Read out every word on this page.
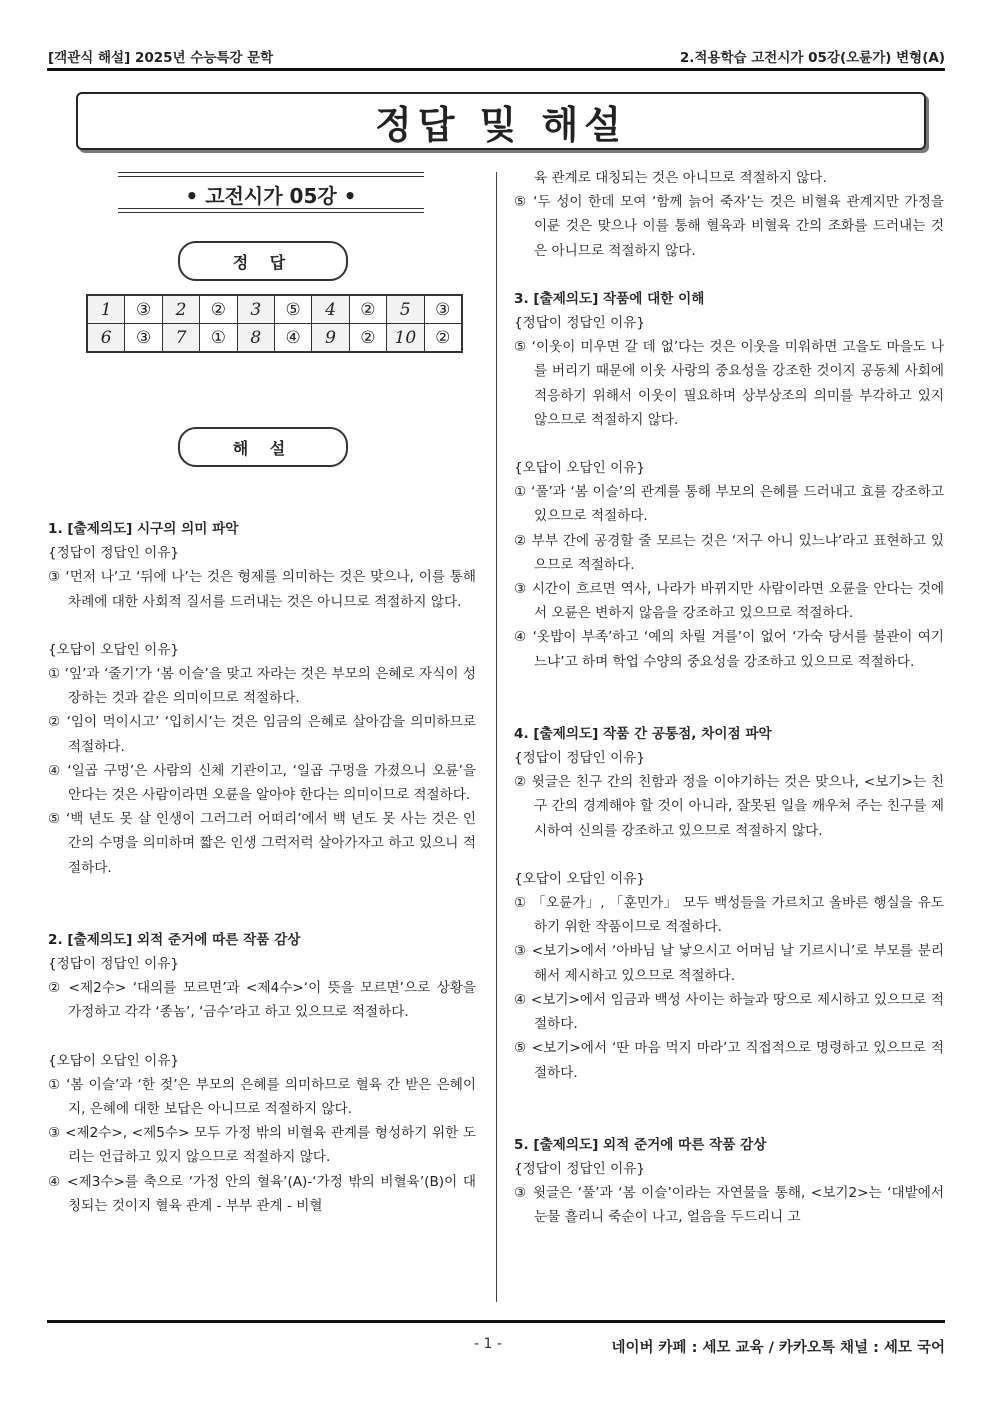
[객관식 해설] 2025년 수능특강 문학	2.적용학습 고전시가 05강(오륜가) 변형(A)
정답 및 해설
• 고전시가 05강 •
정 답
1	③	2	②	3	⑤	4	②	5	③
6	③	7	①	8	④	9	②	10	②
해 설
1. [출제의도] 시구의 의미 파악
{정답이 정답인 이유}
③ ‘먼저 나’고 ‘뒤에 나’는 것은 형제를 의미하는 것은 맞으나, 이를 통해 차례에 대한 사회적 질서를 드러내는 것은 아니므로 적절하지 않다.
{오답이 오답인 이유}
① ‘잎’과 ‘줄기’가 ‘봄 이슬’을 맞고 자라는 것은 부모의 은혜로 자식이 성장하는 것과 같은 의미이므로 적절하다.
② ‘임이 먹이시고’ ‘입히시’는 것은 임금의 은혜로 살아감을 의미하므로 적절하다.
④ ‘일곱 구멍’은 사람의 신체 기관이고, ‘일곱 구멍을 가졌으니 오륜’을 안다는 것은 사람이라면 오륜을 알아야 한다는 의미이므로 적절하다.
⑤ ‘백 년도 못 살 인생이 그러그러 어떠리’에서 백 년도 못 사는 것은 인간의 수명을 의미하며 짧은 인생 그럭저럭 살아가자고 하고 있으니 적절하다.
2. [출제의도] 외적 준거에 따른 작품 감상
{정답이 정답인 이유}
② <제2수> ‘대의를 모르면’과 <제4수>‘이 뜻을 모르면’으로 상황을 가정하고 각각 ‘종놈’, ‘금수’라고 하고 있으므로 적절하다.
{오답이 오답인 이유}
① ‘봄 이슬’과 ‘한 젖’은 부모의 은혜를 의미하므로 혈육 간 받은 은혜이지, 은혜에 대한 보답은 아니므로 적절하지 않다.
③ <제2수>, <제5수> 모두 가정 밖의 비혈육 관계를 형성하기 위한 도리는 언급하고 있지 않으므로 적절하지 않다.
④ <제3수>를 축으로 ‘가정 안의 혈육’(A)-‘가정 밖의 비혈육’(B)이 대칭되는 것이지 혈육 관계 - 부부 관계 - 비혈
육 관계로 대칭되는 것은 아니므로 적절하지 않다.
⑤ ‘두 성이 한데 모여 ‘함께 늙어 죽자’는 것은 비혈육 관계지만 가정을 이룬 것은 맞으나 이를 통해 혈육과 비혈육 간의 조화를 드러내는 것은 아니므로 적절하지 않다.
3. [출제의도] 작품에 대한 이해
{정답이 정답인 이유}
⑤ ‘이웃이 미우면 갈 데 없’다는 것은 이웃을 미워하면 고을도 마을도 나를 버리기 때문에 이웃 사랑의 중요성을 강조한 것이지 공동체 사회에 적응하기 위해서 이웃이 필요하며 상부상조의 의미를 부각하고 있지 않으므로 적절하지 않다.
{오답이 오답인 이유}
① ‘풀’과 ‘봄 이슬’의 관계를 통해 부모의 은혜를 드러내고 효를 강조하고 있으므로 적절하다.
② 부부 간에 공경할 줄 모르는 것은 ‘저구 아니 있느냐’라고 표현하고 있으므로 적절하다.
③ 시간이 흐르면 역사, 나라가 바뀌지만 사람이라면 오륜을 안다는 것에서 오륜은 변하지 않음을 강조하고 있으므로 적절하다.
④ ‘옷밥이 부족’하고 ‘예의 차릴 겨를’이 없어 ‘가숙 당서를 불관이 여기느냐’고 하며 학업 수양의 중요성을 강조하고 있으므로 적절하다.
4. [출제의도] 작품 간 공통점, 차이점 파악
{정답이 정답인 이유}
② 윗글은 친구 간의 친함과 정을 이야기하는 것은 맞으나, <보기>는 친구 간의 경계해야 할 것이 아니라, 잘못된 일을 깨우쳐 주는 친구를 제시하여 신의를 강조하고 있으므로 적절하지 않다.
{오답이 오답인 이유}
① 「오륜가」, 「훈민가」 모두 백성들을 가르치고 올바른 행실을 유도하기 위한 작품이므로 적절하다.
③ <보기>에서 ‘아바님 날 낳으시고 어머님 날 기르시니’로 부모를 분리해서 제시하고 있으므로 적절하다.
④ <보기>에서 임금과 백성 사이는 하늘과 땅으로 제시하고 있으므로 적절하다.
⑤ <보기>에서 ‘딴 마음 먹지 마라’고 직접적으로 명령하고 있으므로 적절하다.
5. [출제의도] 외적 준거에 따른 작품 감상
{정답이 정답인 이유}
③ 윗글은 ‘풀’과 ‘봄 이슬’이라는 자연물을 통해, <보기2>는 ‘대밭에서 눈물 흘리니 죽순이 나고, 얼음을 두드리니 고
- 1 -	네이버 카페 : 세모 교육 / 카카오톡 채널 : 세모 국어
